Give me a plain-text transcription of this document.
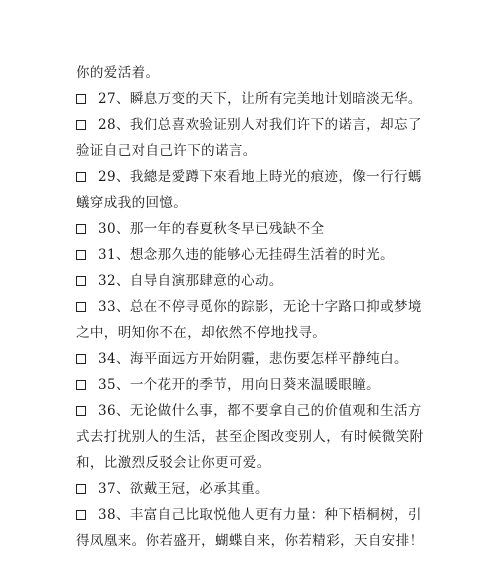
你的爱活着。
27、瞬息万变的天下，让所有完美地计划暗淡无华。
28、我们总喜欢验证别人对我们许下的诺言，却忘了
验证自己对自己许下的诺言。
29、我總是愛蹲下來看地上時光的痕迹，像一行行螞
蟻穿成我的回憶。
30、那一年的春夏秋冬早已残缺不全
31、想念那久违的能够心无挂碍生活着的时光。
32、自导自演那肆意的心动。
33、总在不停寻觅你的踪影，无论十字路口抑或梦境
之中，明知你不在，却依然不停地找寻。
34、海平面远方开始阴霾，悲伤要怎样平静纯白。
35、一个花开的季节，用向日葵来温暖眼瞳。
36、无论做什么事，都不要拿自己的价值观和生活方
式去打扰别人的生活，甚至企图改变别人，有时候微笑附
和，比激烈反驳会让你更可爱。
37、欲戴王冠，必承其重。
38、丰富自己比取悦他人更有力量：种下梧桐树，引
得凤凰来。你若盛开，蝴蝶自来，你若精彩，天自安排！
